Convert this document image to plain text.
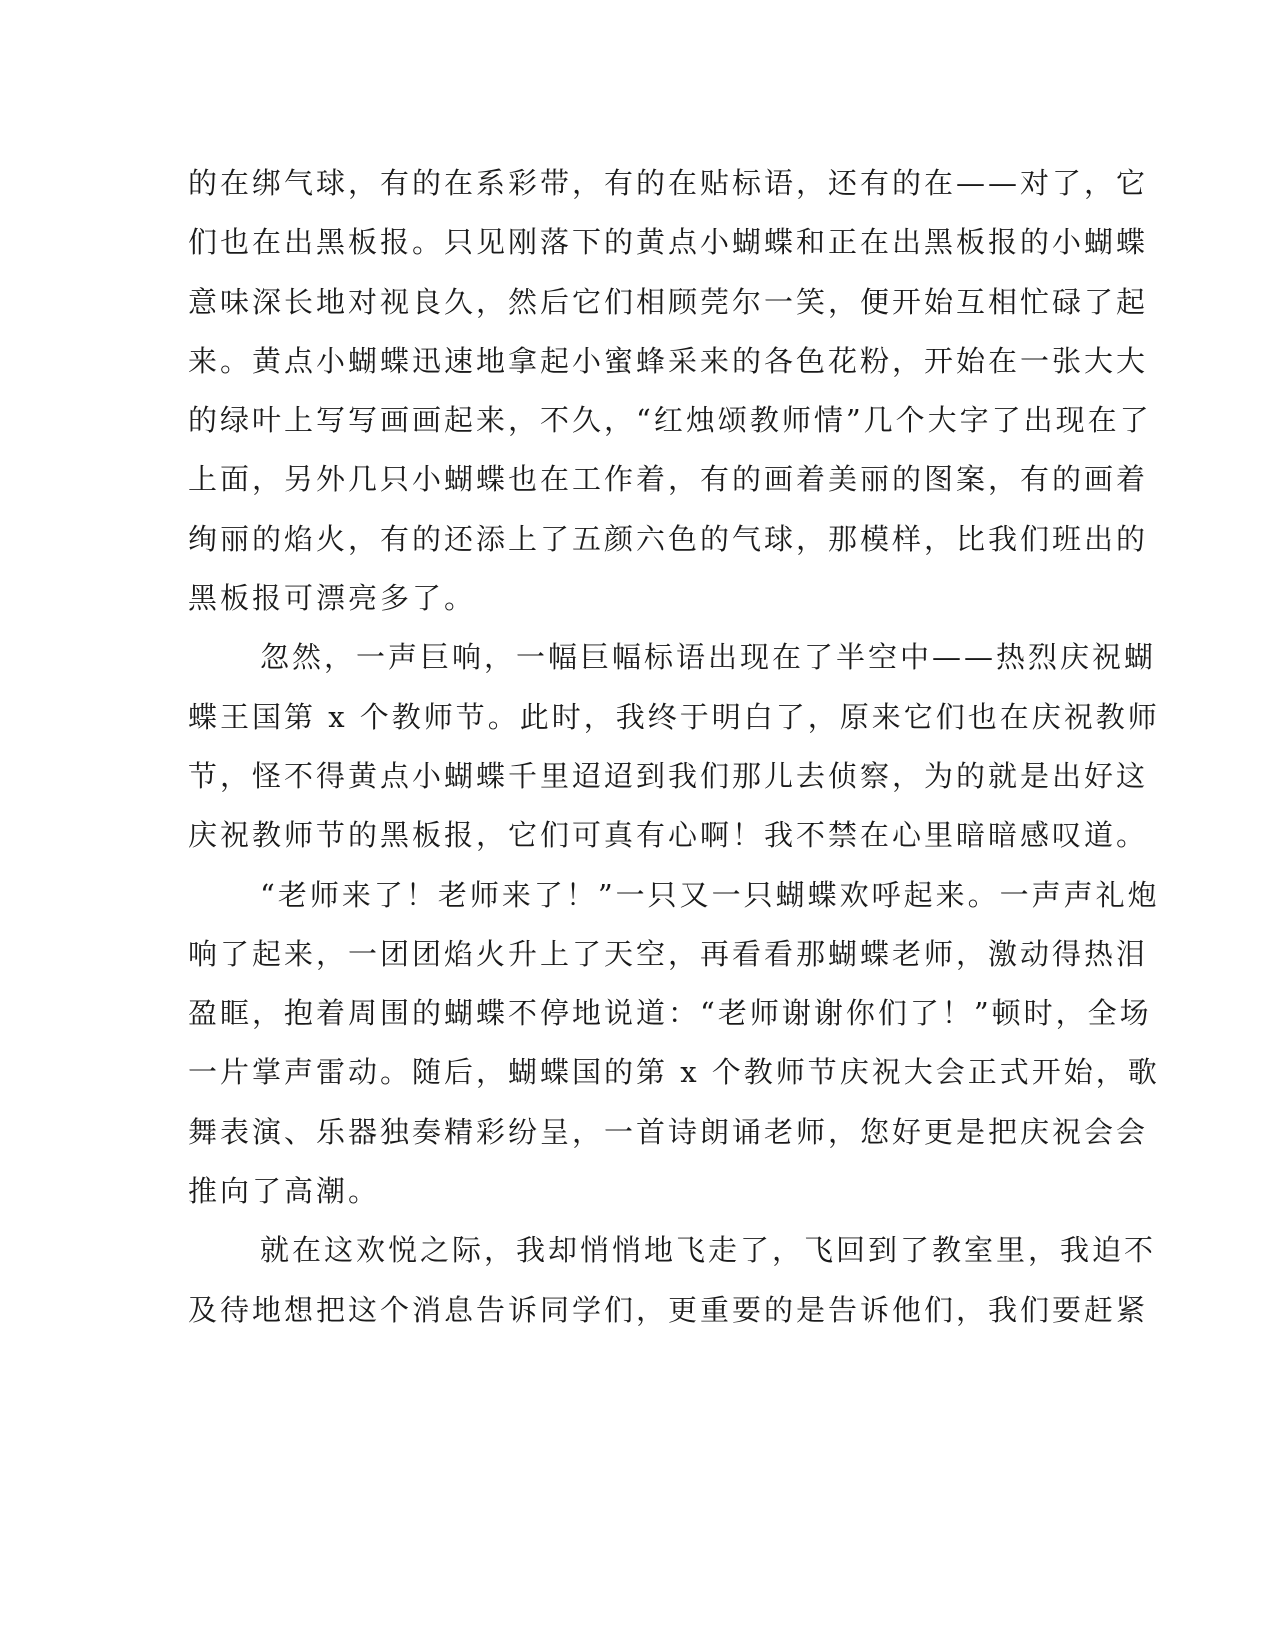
的在绑气球，有的在系彩带，有的在贴标语，还有的在——对了，它
们也在出黑板报。只见刚落下的黄点小蝴蝶和正在出黑板报的小蝴蝶
意味深长地对视良久，然后它们相顾莞尔一笑，便开始互相忙碌了起
来。黄点小蝴蝶迅速地拿起小蜜蜂采来的各色花粉，开始在一张大大
的绿叶上写写画画起来，不久，“红烛颂教师情”几个大字了出现在了
上面，另外几只小蝴蝶也在工作着，有的画着美丽的图案，有的画着
绚丽的焰火，有的还添上了五颜六色的气球，那模样，比我们班出的
黑板报可漂亮多了。
忽然，一声巨响，一幅巨幅标语出现在了半空中——热烈庆祝蝴
蝶王国第 x 个教师节。此时，我终于明白了，原来它们也在庆祝教师
节，怪不得黄点小蝴蝶千里迢迢到我们那儿去侦察，为的就是出好这
庆祝教师节的黑板报，它们可真有心啊！我不禁在心里暗暗感叹道。
“老师来了！老师来了！”一只又一只蝴蝶欢呼起来。一声声礼炮
响了起来，一团团焰火升上了天空，再看看那蝴蝶老师，激动得热泪
盈眶，抱着周围的蝴蝶不停地说道：“老师谢谢你们了！”顿时，全场
一片掌声雷动。随后，蝴蝶国的第 x 个教师节庆祝大会正式开始，歌
舞表演、乐器独奏精彩纷呈，一首诗朗诵老师，您好更是把庆祝会会
推向了高潮。
就在这欢悦之际，我却悄悄地飞走了，飞回到了教室里，我迫不
及待地想把这个消息告诉同学们，更重要的是告诉他们，我们要赶紧
